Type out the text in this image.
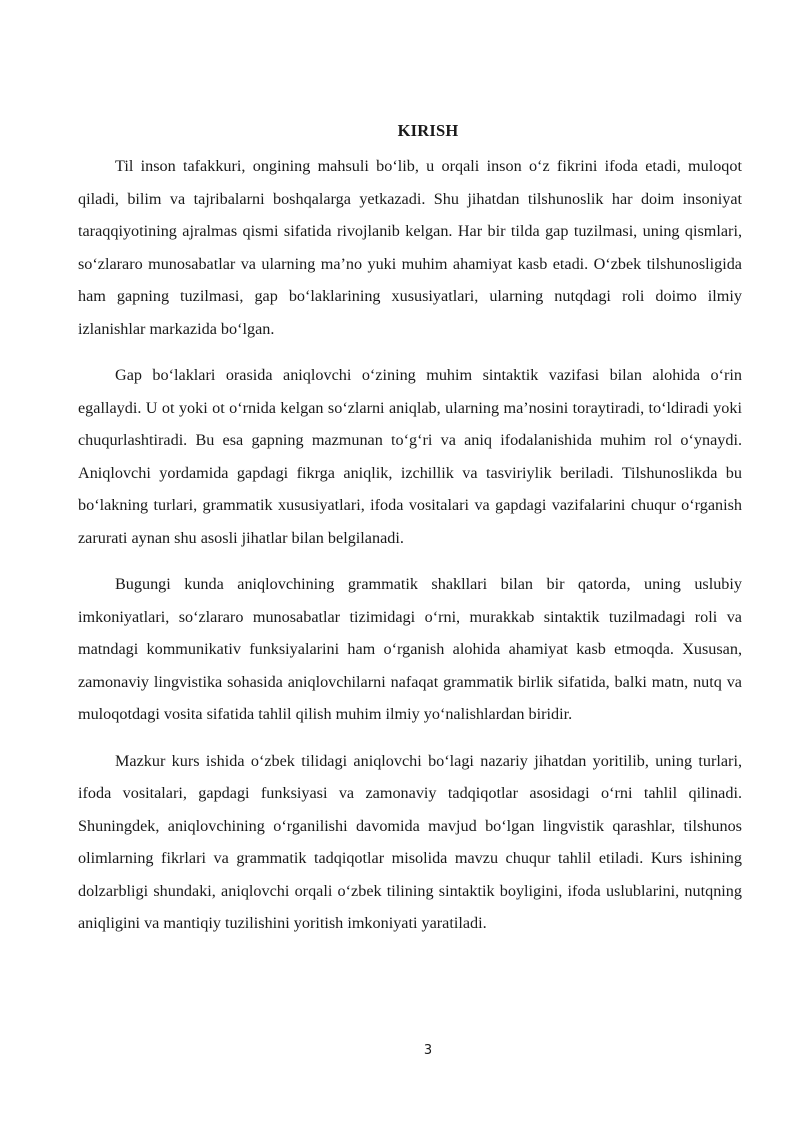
KIRISH

Til inson tafakkuri, ongining mahsuli bo‘lib, u orqali inson o‘z fikrini ifoda etadi, muloqot qiladi, bilim va tajribalarni boshqalarga yetkazadi. Shu jihatdan tilshunoslik har doim insoniyat taraqqiyotining ajralmas qismi sifatida rivojlanib kelgan. Har bir tilda gap tuzilmasi, uning qismlari, so‘zlararo munosabatlar va ularning ma’no yuki muhim ahamiyat kasb etadi. O‘zbek tilshunosligida ham gapning tuzilmasi, gap bo‘laklarining xususiyatlari, ularning nutqdagi roli doimo ilmiy izlanishlar markazida bo‘lgan.

Gap bo‘laklari orasida aniqlovchi o‘zining muhim sintaktik vazifasi bilan alohida o‘rin egallaydi. U ot yoki ot o‘rnida kelgan so‘zlarni aniqlab, ularning ma’nosini toraytiradi, to‘ldiradi yoki chuqurlashtiradi. Bu esa gapning mazmunan to‘g‘ri va aniq ifodalanishida muhim rol o‘ynaydi. Aniqlovchi yordamida gapdagi fikrga aniqlik, izchillik va tasviriylik beriladi. Tilshunoslikda bu bo‘lakning turlari, grammatik xususiyatlari, ifoda vositalari va gapdagi vazifalarini chuqur o‘rganish zarurati aynan shu asosli jihatlar bilan belgilanadi.

Bugungi kunda aniqlovchining grammatik shakllari bilan bir qatorda, uning uslubiy imkoniyatlari, so‘zlararo munosabatlar tizimidagi o‘rni, murakkab sintaktik tuzilmadagi roli va matndagi kommunikativ funksiyalarini ham o‘rganish alohida ahamiyat kasb etmoqda. Xususan, zamonaviy lingvistika sohasida aniqlovchilarni nafaqat grammatik birlik sifatida, balki matn, nutq va muloqotdagi vosita sifatida tahlil qilish muhim ilmiy yo‘nalishlardan biridir.

Mazkur kurs ishida o‘zbek tilidagi aniqlovchi bo‘lagi nazariy jihatdan yoritilib, uning turlari, ifoda vositalari, gapdagi funksiyasi va zamonaviy tadqiqotlar asosidagi o‘rni tahlil qilinadi. Shuningdek, aniqlovchining o‘rganilishi davomida mavjud bo‘lgan lingvistik qarashlar, tilshunos olimlarning fikrlari va grammatik tadqiqotlar misolida mavzu chuqur tahlil etiladi. Kurs ishining dolzarbligi shundaki, aniqlovchi orqali o‘zbek tilining sintaktik boyligini, ifoda uslublarini, nutqning aniqligini va mantiqiy tuzilishini yoritish imkoniyati yaratiladi.

3
